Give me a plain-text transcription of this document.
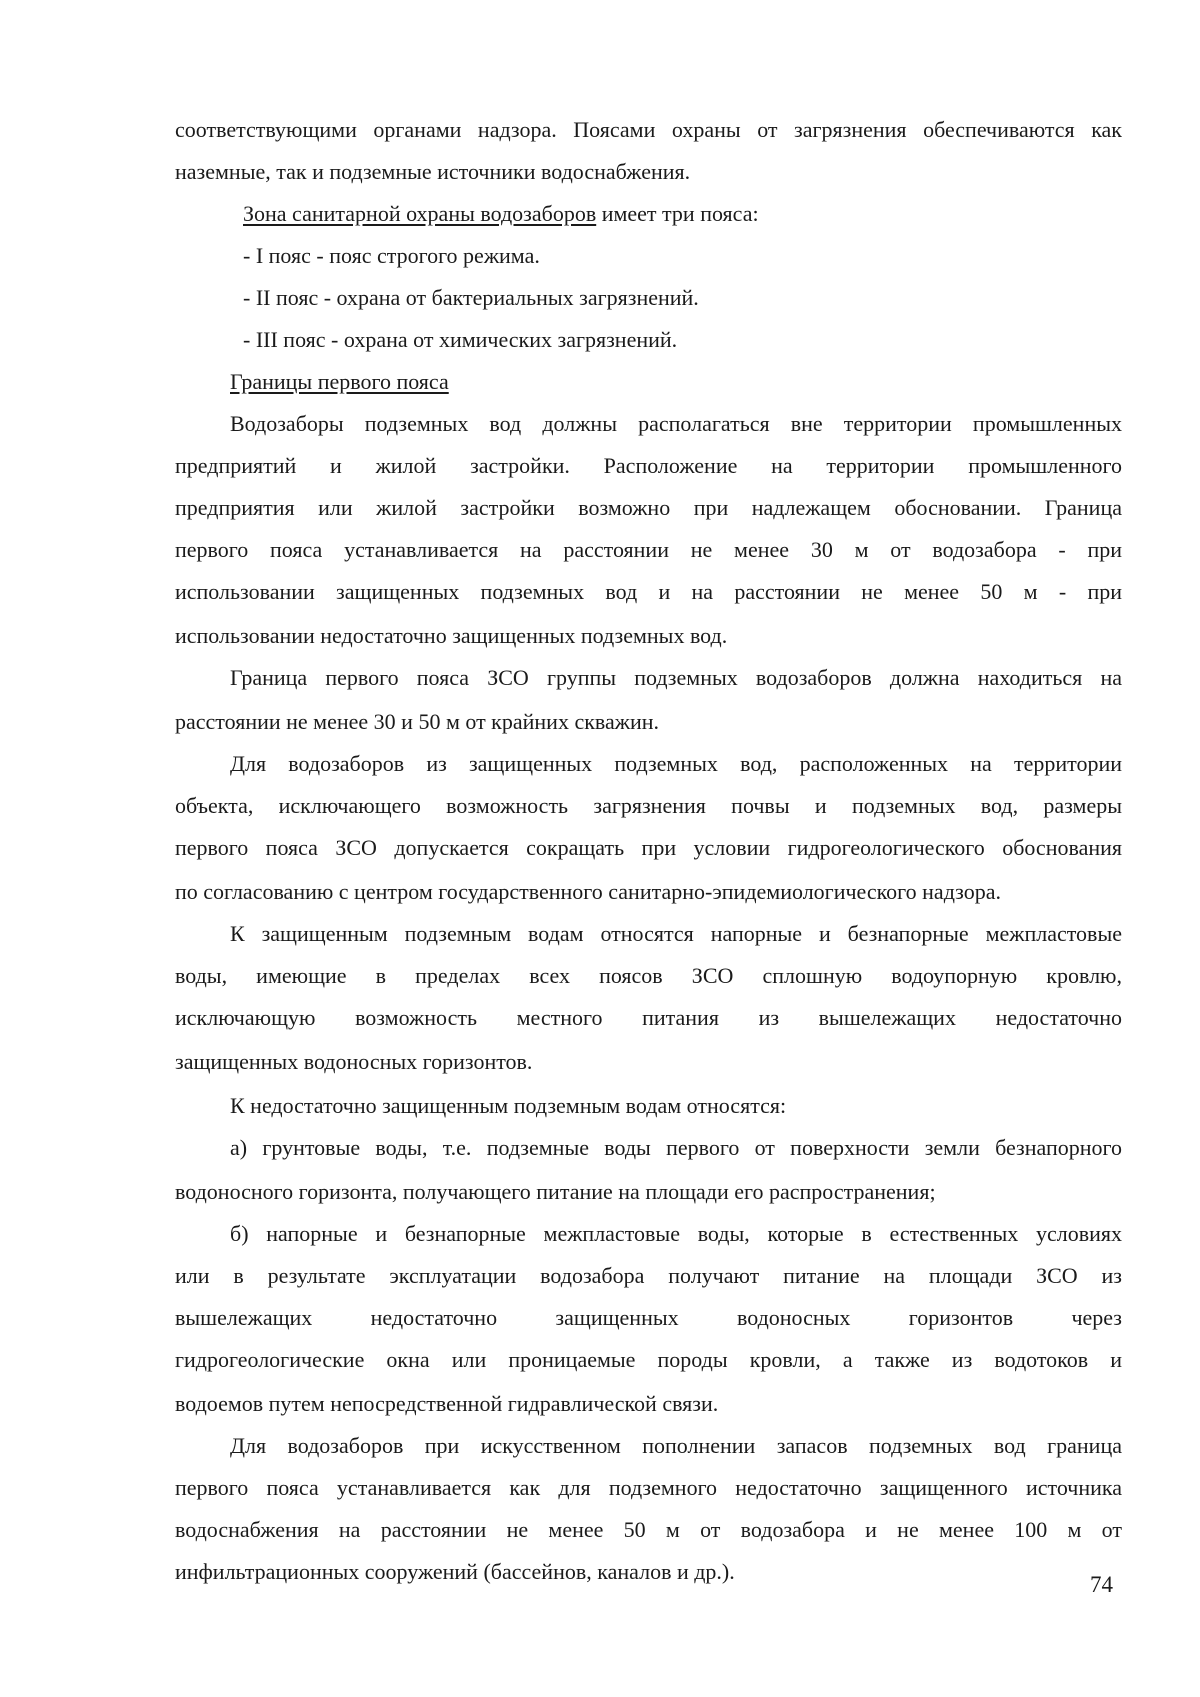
соответствующими органами надзора. Поясами охраны от загрязнения обеспечиваются как
наземные, так и подземные источники водоснабжения.
Зона санитарной охраны водозаборов имеет три пояса:
- I пояс - пояс строгого режима.
- II пояс - охрана от бактериальных загрязнений.
- III пояс - охрана от химических загрязнений.
Границы первого пояса
Водозаборы подземных вод должны располагаться вне территории промышленных
предприятий и жилой застройки. Расположение на территории промышленного
предприятия или жилой застройки возможно при надлежащем обосновании. Граница
первого пояса устанавливается на расстоянии не менее 30 м от водозабора - при
использовании защищенных подземных вод и на расстоянии не менее 50 м - при
использовании недостаточно защищенных подземных вод.
Граница первого пояса ЗСО группы подземных водозаборов должна находиться на
расстоянии не менее 30 и 50 м от крайних скважин.
Для водозаборов из защищенных подземных вод, расположенных на территории
объекта, исключающего возможность загрязнения почвы и подземных вод, размеры
первого пояса ЗСО допускается сокращать при условии гидрогеологического обоснования
по согласованию с центром государственного санитарно-эпидемиологического надзора.
К защищенным подземным водам относятся напорные и безнапорные межпластовые
воды, имеющие в пределах всех поясов ЗСО сплошную водоупорную кровлю,
исключающую возможность местного питания из вышележащих недостаточно
защищенных водоносных горизонтов.
К недостаточно защищенным подземным водам относятся:
а) грунтовые воды, т.е. подземные воды первого от поверхности земли безнапорного
водоносного горизонта, получающего питание на площади его распространения;
б) напорные и безнапорные межпластовые воды, которые в естественных условиях
или в результате эксплуатации водозабора получают питание на площади ЗСО из
вышележащих недостаточно защищенных водоносных горизонтов через
гидрогеологические окна или проницаемые породы кровли, а также из водотоков и
водоемов путем непосредственной гидравлической связи.
Для водозаборов при искусственном пополнении запасов подземных вод граница
первого пояса устанавливается как для подземного недостаточно защищенного источника
водоснабжения на расстоянии не менее 50 м от водозабора и не менее 100 м от
инфильтрационных сооружений (бассейнов, каналов и др.).
74
